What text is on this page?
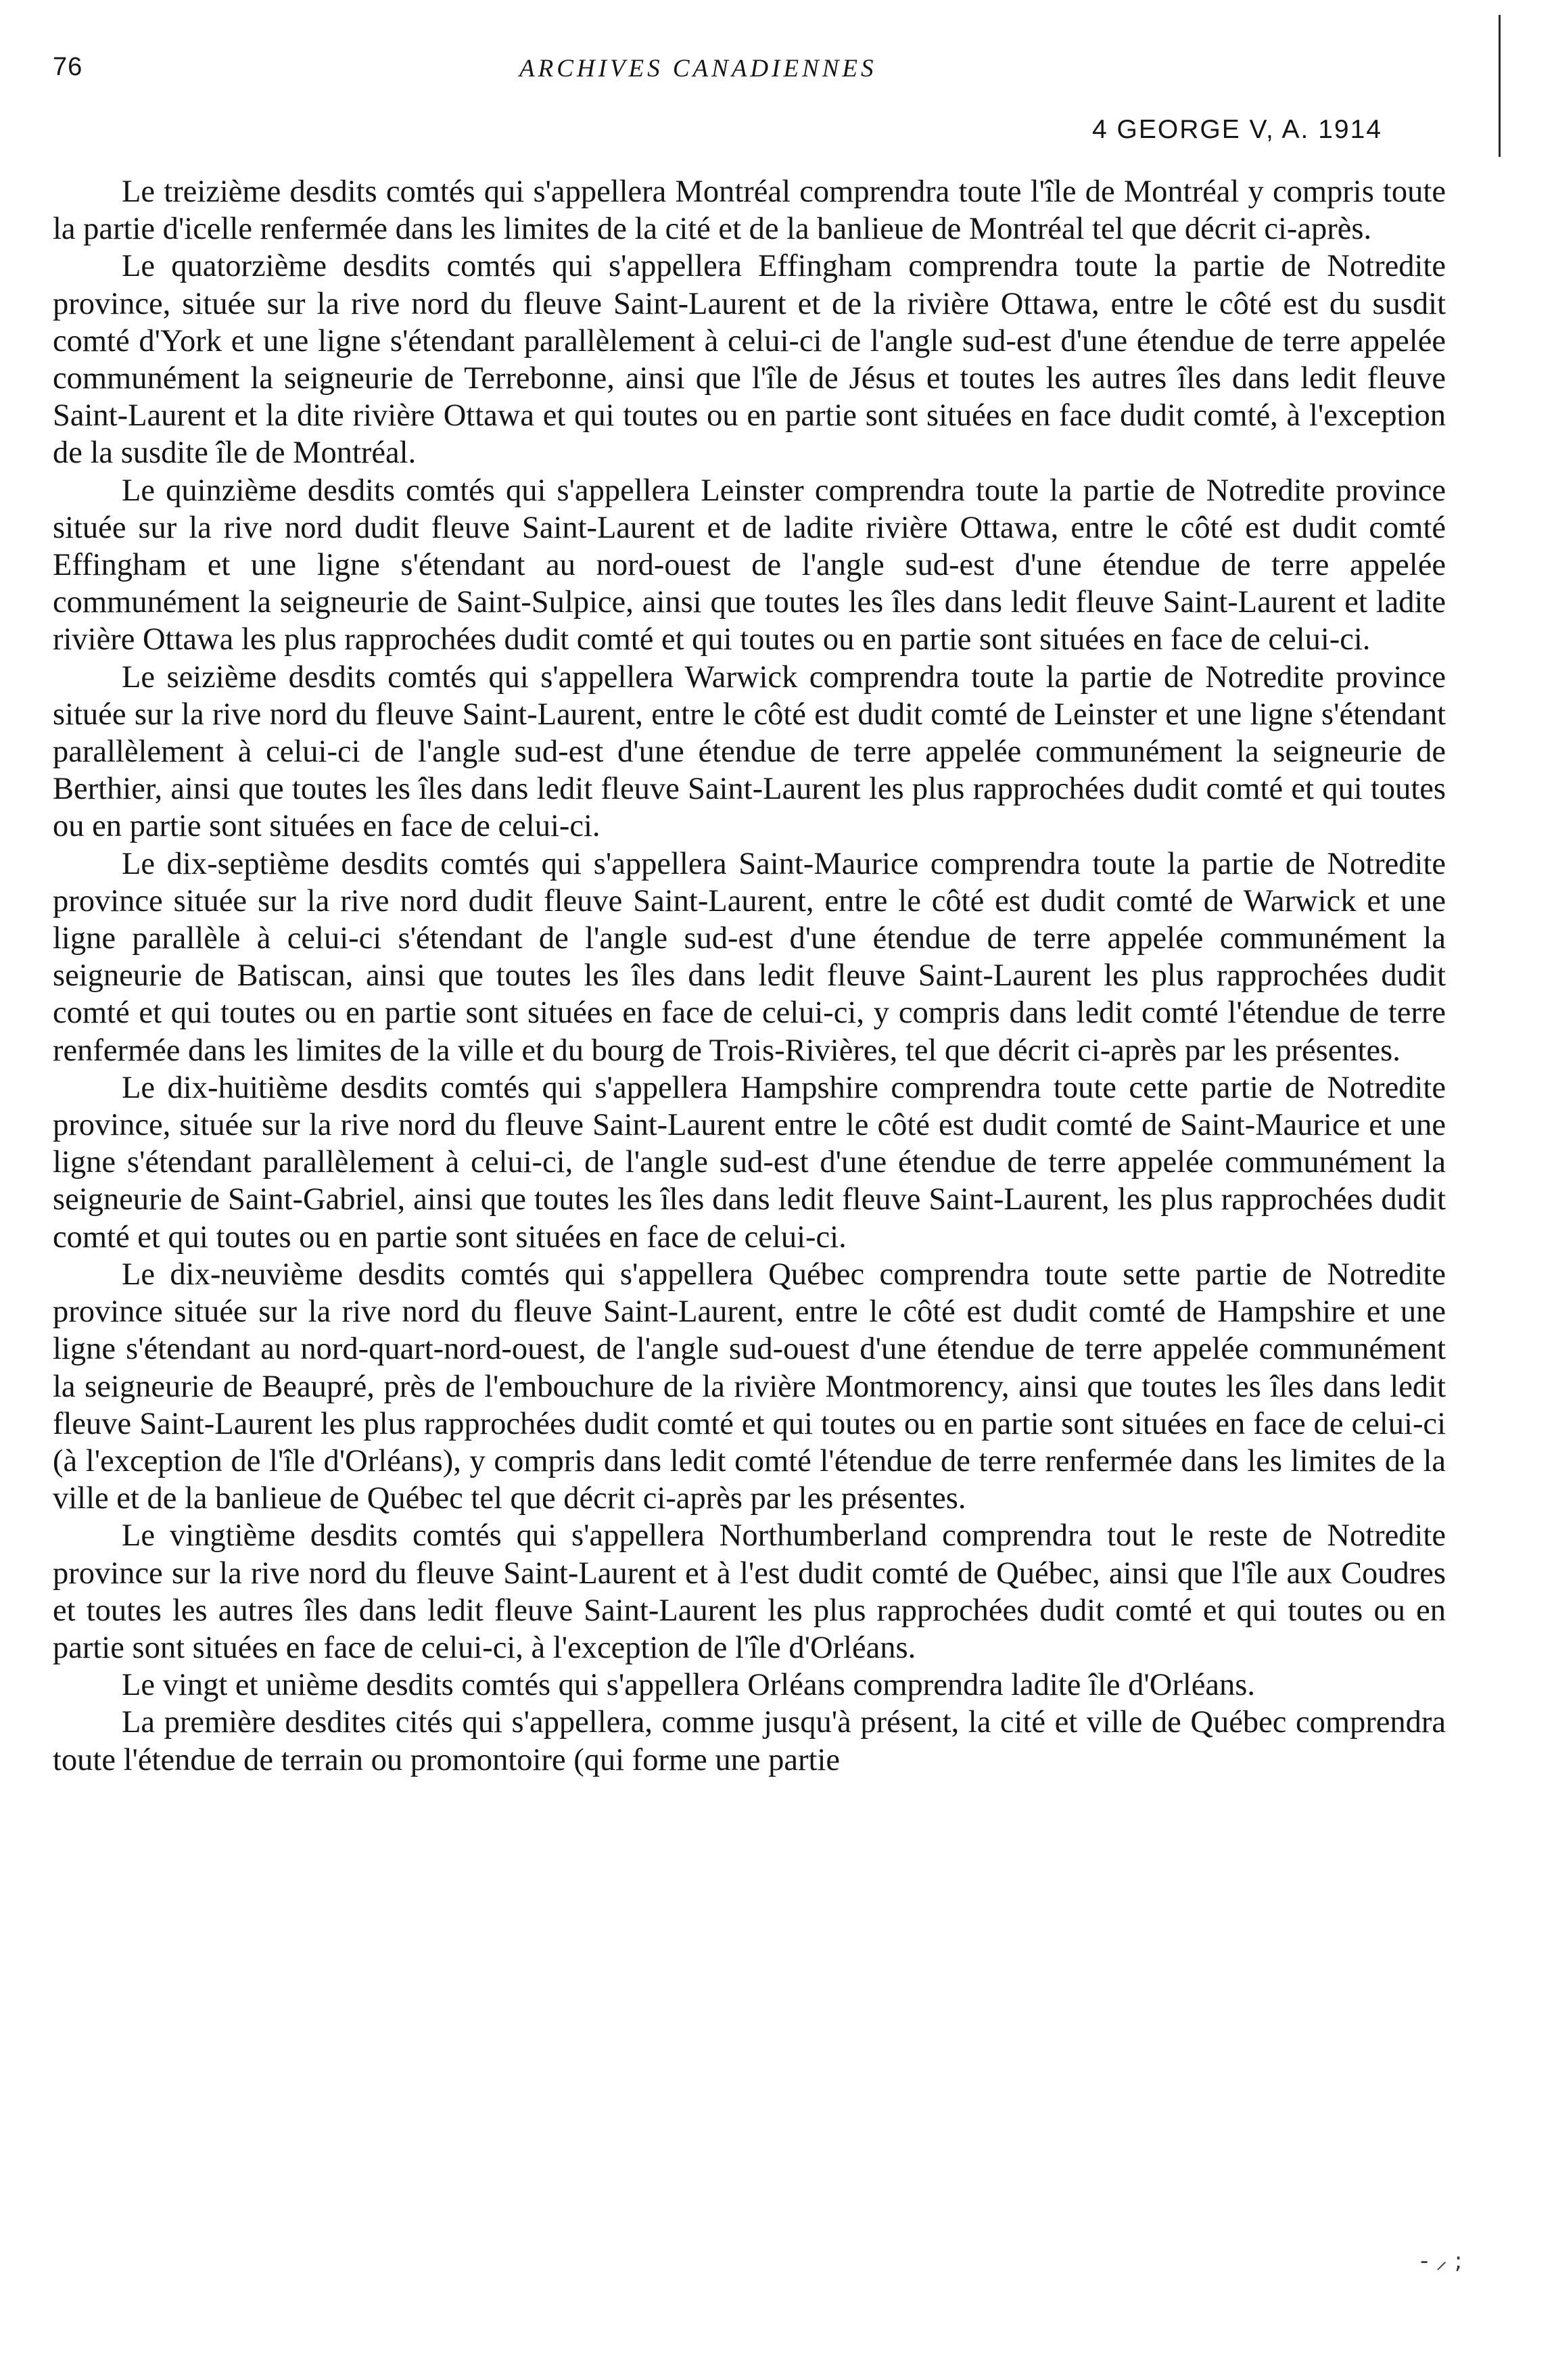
76	ARCHIVES CANADIENNES
4 GEORGE V, A. 1914

Le treizième desdits comtés qui s'appellera Montréal comprendra toute l'île de Montréal y compris toute la partie d'icelle renfermée dans les limites de la cité et de la banlieue de Montréal tel que décrit ci-après.

Le quatorzième desdits comtés qui s'appellera Effingham comprendra toute la partie de Notredite province, située sur la rive nord du fleuve Saint-Laurent et de la rivière Ottawa, entre le côté est du susdit comté d'York et une ligne s'étendant parallèlement à celui-ci de l'angle sud-est d'une étendue de terre appelée communément la seigneurie de Terrebonne, ainsi que l'île de Jésus et toutes les autres îles dans ledit fleuve Saint-Laurent et la dite rivière Ottawa et qui toutes ou en partie sont situées en face dudit comté, à l'exception de la susdite île de Montréal.

Le quinzième desdits comtés qui s'appellera Leinster comprendra toute la partie de Notredite province située sur la rive nord dudit fleuve Saint-Laurent et de ladite rivière Ottawa, entre le côté est dudit comté Effingham et une ligne s'étendant au nord-ouest de l'angle sud-est d'une étendue de terre appelée communément la seigneurie de Saint-Sulpice, ainsi que toutes les îles dans ledit fleuve Saint-Laurent et ladite rivière Ottawa les plus rapprochées dudit comté et qui toutes ou en partie sont situées en face de celui-ci.

Le seizième desdits comtés qui s'appellera Warwick comprendra toute la partie de Notredite province située sur la rive nord du fleuve Saint-Laurent, entre le côté est dudit comté de Leinster et une ligne s'étendant parallèlement à celui-ci de l'angle sud-est d'une étendue de terre appelée communément la seigneurie de Berthier, ainsi que toutes les îles dans ledit fleuve Saint-Laurent les plus rapprochées dudit comté et qui toutes ou en partie sont situées en face de celui-ci.

Le dix-septième desdits comtés qui s'appellera Saint-Maurice comprendra toute la partie de Notredite province située sur la rive nord dudit fleuve Saint-Laurent, entre le côté est dudit comté de Warwick et une ligne parallèle à celui-ci s'étendant de l'angle sud-est d'une étendue de terre appelée communément la seigneurie de Batiscan, ainsi que toutes les îles dans ledit fleuve Saint-Laurent les plus rapprochées dudit comté et qui toutes ou en partie sont situées en face de celui-ci, y compris dans ledit comté l'étendue de terre renfermée dans les limites de la ville et du bourg de Trois-Rivières, tel que décrit ci-après par les présentes.

Le dix-huitième desdits comtés qui s'appellera Hampshire comprendra toute cette partie de Notredite province, située sur la rive nord du fleuve Saint-Laurent entre le côté est dudit comté de Saint-Maurice et une ligne s'étendant parallèlement à celui-ci, de l'angle sud-est d'une étendue de terre appelée communément la seigneurie de Saint-Gabriel, ainsi que toutes les îles dans ledit fleuve Saint-Laurent, les plus rapprochées dudit comté et qui toutes ou en partie sont situées en face de celui-ci.

Le dix-neuvième desdits comtés qui s'appellera Québec comprendra toute sette partie de Notredite province située sur la rive nord du fleuve Saint-Laurent, entre le côté est dudit comté de Hampshire et une ligne s'étendant au nord-quart-nord-ouest, de l'angle sud-ouest d'une étendue de terre appelée communément la seigneurie de Beaupré, près de l'embouchure de la rivière Montmorency, ainsi que toutes les îles dans ledit fleuve Saint-Laurent les plus rapprochées dudit comté et qui toutes ou en partie sont situées en face de celui-ci (à l'exception de l'île d'Orléans), y compris dans ledit comté l'étendue de terre renfermée dans les limites de la ville et de la banlieue de Québec tel que décrit ci-après par les présentes.

Le vingtième desdits comtés qui s'appellera Northumberland comprendra tout le reste de Notredite province sur la rive nord du fleuve Saint-Laurent et à l'est dudit comté de Québec, ainsi que l'île aux Coudres et toutes les autres îles dans ledit fleuve Saint-Laurent les plus rapprochées dudit comté et qui toutes ou en partie sont situées en face de celui-ci, à l'exception de l'île d'Orléans.

Le vingt et unième desdits comtés qui s'appellera Orléans comprendra ladite île d'Orléans.

La première desdites cités qui s'appellera, comme jusqu'à présent, la cité et ville de Québec comprendra toute l'étendue de terrain ou promontoire (qui forme une partie

- ⸝ ;
